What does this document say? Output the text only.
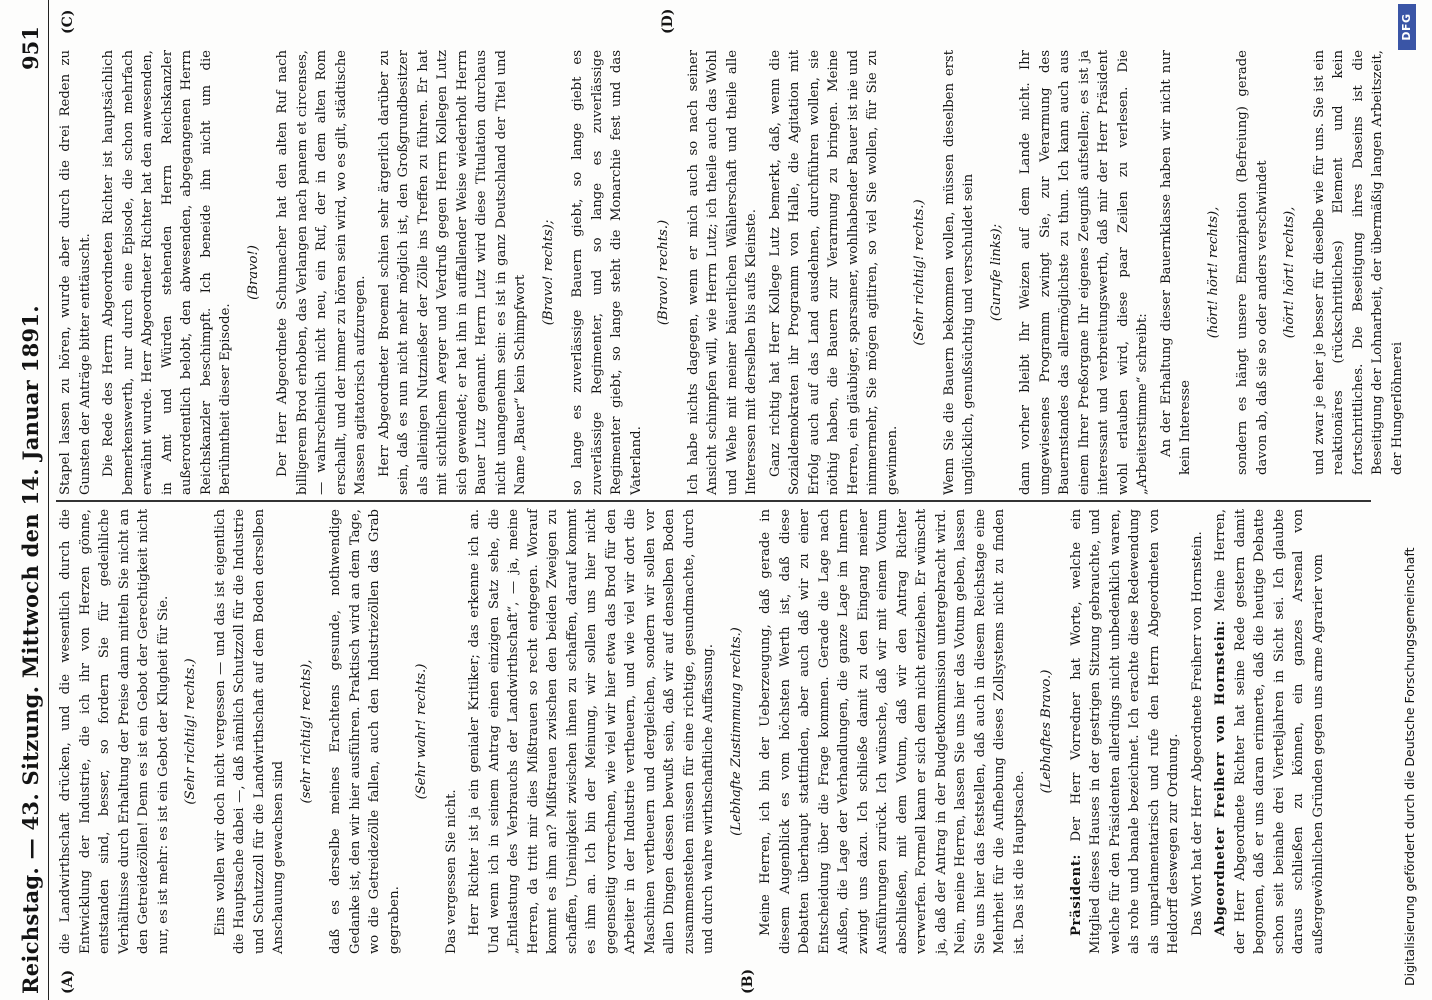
Reichstag. — 43. Sitzung. Mittwoch den 14. Januar 1891.
951
(A)	(B)
(C)	(D)

die Landwirthschaft drücken, und die wesentlich durch die Entwicklung der Industrie, die ich ihr von Herzen gönne, entstanden sind, besser, so fordern Sie für gedeihliche Verhältnisse durch Erhaltung der Preise dann mitteln Sie nicht an den Getreidezöllen! Denn es ist ein Gebot der Gerechtigkeit nicht nur, es ist mehr: es ist ein Gebot der Klugheit für Sie. (Sehr richtig! rechts.) Eins wollen wir doch nicht vergessen — und das ist eigentlich die Hauptsache dabei —, daß nämlich Schutzzoll für die Industrie und Schutzzoll für die Landwirthschaft auf dem Boden derselben Anschauung gewachsen sind

(sehr richtig! rechts), daß es derselbe meines Erachtens gesunde, nothwendige Gedanke ist, den wir hier ausführen. Praktisch wird an dem Tage, wo die Getreidezölle fallen, auch den Industriezöllen das Grab gegraben.

(Sehr wahr! rechts.)

Das vergessen Sie nicht. Herr Richter ist ja ein genialer Kritiker; das erkenne ich an. Und wenn ich in seinem Antrag einen einzigen Satz sehe, die „Entlastung des Verbrauchs der Landwirthschaft“, — ja, meine Herren, da tritt mir dies Mißtrauen so recht entgegen. Worauf kommt es ihm an? Mißtrauen zwischen den beiden Zweigen zu schaffen, Uneinigkeit zwischen ihnen zu schaffen, darauf kommt es ihm an. Ich bin der Meinung, wir sollen uns hier nicht gegenseitig vorrechnen, wie viel wir hier etwa das Brod für den Arbeiter in der Industrie vertheuern, und wie viel wir dort die Maschinen vertheuern und dergleichen, sondern wir sollen vor allen Dingen dessen bewußt sein, daß wir auf denselben Boden zusammenstehen müssen für eine richtige, gesundmachte, durch und durch wahre wirthschaftliche Auffassung. (Lebhafte Zustimmung rechts.) Meine Herren, ich bin der Ueberzeugung, daß gerade in diesem Augenblick es vom höchsten Werth ist, daß diese Debatten überhaupt stattfinden, aber auch daß wir zu einer Entscheidung über die Frage kommen. Gerade die Lage nach Außen, die Lage der Verhandlungen, die ganze Lage im Innern zwingt uns dazu. Ich schließe damit zu den Eingang meiner Ausführungen zurück. Ich wünsche, daß wir mit einem Votum abschließen, mit dem Votum, daß wir den Antrag Richter verwerfen. Formell kann er sich dem nicht entziehen. Er wünscht ja, daß der Antrag in der Budgetkommission untergebracht wird. Nein, meine Herren, lassen Sie uns hier das Votum geben, lassen Sie uns hier das feststellen, daß auch in diesem Reichstage eine Mehrheit für die Aufhebung dieses Zollsystems nicht zu finden ist. Das ist die Hauptsache.

(Lebhaftes Bravo.)

Präsident: Der Herr Vorredner hat Worte, welche ein Mitglied dieses Hauses in der gestrigen Sitzung gebrauchte, und welche für den Präsidenten allerdings nicht unbedenklich waren, als rohe und banale bezeichnet. Ich erachte diese Redewendung als unparlamentarisch und rufe den Herrn Abgeordneten von Heldorff deswegen zur Ordnung. Das Wort hat der Herr Abgeordnete Freiherr von Hornstein. Abgeordneter Freiherr von Hornstein: Meine Herren, der Herr Abgeordnete Richter hat seine Rede gestern damit begonnen, daß er uns daran erinnerte, daß die heutige Debatte schon seit beinahe drei Vierteljahren in Sicht sei. Ich glaubte daraus schließen zu können, ein ganzes Arsenal von außergewöhnlichen Gründen gegen uns arme Agrarier vom

Stapel lassen zu hören, wurde aber durch die drei Reden zu Gunsten der Anträge bitter enttäuscht. Die Rede des Herrn Abgeordneten Richter ist hauptsächlich bemerkenswerth, nur durch eine Episode, die schon mehrfach erwähnt wurde. Herr Abgeordneter Richter hat den anwesenden, in Amt und Würden stehenden Herrn Reichskanzler außerordentlich belobt, den abwesenden, abgegangenen Herrn Reichskanzler beschimpft. Ich beneide ihn nicht um die Berühmtheit dieser Episode.

(Bravo!) Der Herr Abgeordnete Schumacher hat den alten Ruf nach billigerem Brod erhoben, das Verlangen nach panem et circenses, — wahrscheinlich nicht neu, ein Ruf, der in dem alten Rom erschallt, und der immer zu hören sein wird, wo es gilt, städtische Massen agitatorisch aufzuregen. Herr Abgeordneter Broemel schien sehr ärgerlich darüber zu sein, daß es nun nicht mehr möglich ist, den Großgrundbesitzer als alleinigen Nutznießer der Zölle ins Treffen zu führen. Er hat mit sichtlichem Aerger und Verdruß gegen Herrn Kollegen Lutz sich gewendet; er hat ihn in auffallender Weise wiederholt Herrn Bauer Lutz genannt. Herrn Lutz wird diese Titulation durchaus nicht unangenehm sein: es ist in ganz Deutschland der Titel und Name „Bauer“ kein Schimpfwort

(Bravo! rechts); so lange es zuverlässige Bauern giebt, so lange giebt es zuverlässige Regimenter, und so lange es zuverlässige Regimenter giebt, so lange steht die Monarchie fest und das Vaterland.

(Bravo! rechts.) Ich habe nichts dagegen, wenn er mich auch so nach seiner Ansicht schimpfen will, wie Herrn Lutz; ich theile auch das Wohl und Wehe mit meiner bäuerlichen Wählerschaft und theile alle Interessen mit derselben bis aufs Kleinste. Ganz richtig hat Herr Kollege Lutz bemerkt, daß, wenn die Sozialdemokraten ihr Programm von Halle, die Agitation mit Erfolg auch auf das Land ausdehnen, durchführen wollen, sie nöthig haben, die Bauern zur Verarmung zu bringen. Meine Herren, ein gläubiger, sparsamer, wohlhabender Bauer ist nie und nimmermehr, Sie mögen agitiren, so viel Sie wollen, für Sie zu gewinnen.

(Sehr richtig! rechts.) Wenn Sie die Bauern bekommen wollen, müssen dieselben erst unglücklich, genußsüchtig und verschuldet sein (Gurufe links); dann vorher bleibt Ihr Weizen auf dem Lande nicht. Ihr umgewiesenes Programm zwingt Sie, zur Verarmung des Bauernstandes das allermöglichste zu thun. Ich kann auch aus einem Ihrer Preßorgane Ihr eigenes Zeugniß aufstellen; es ist ja interessant und verbreitungswerth, daß mir der Herr Präsident wohl erlauben wird, diese paar Zeilen zu verlesen. Die „Arbeiterstimme“ schreibt: An der Erhaltung dieser Bauernklasse haben wir nicht nur kein Interesse

(hört! hört! rechts), sondern es hängt unsere Emanzipation (Befreiung) gerade davon ab, daß sie so oder anders verschwindet (hört! hört! rechts), und zwar je eher je besser für dieselbe wie für uns. Sie ist ein reaktionäres (rückschrittliches) Element und kein fortschrittliches. Die Beseitigung ihres Daseins ist die Beseitigung der Lohnarbeit, der übermäßig langen Arbeitszeit, der Hungerlöhnerei

Digitalisierung gefördert durch die Deutsche Forschungsgemeinschaft
DFG
